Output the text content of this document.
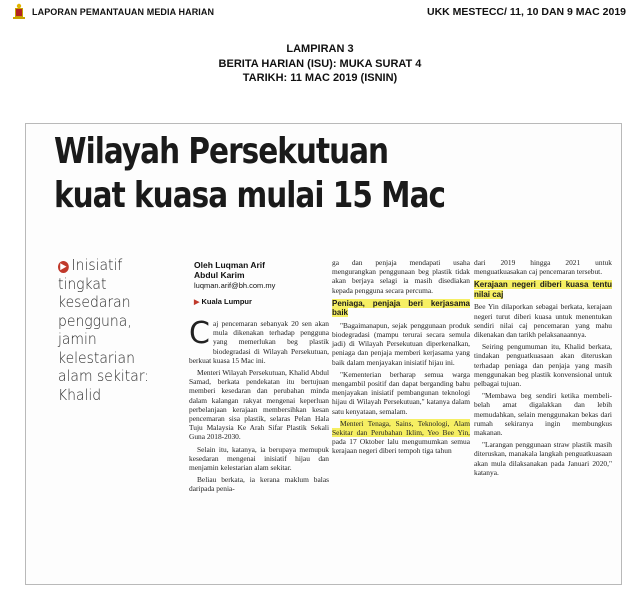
LAPORAN PEMANTAUAN MEDIA HARIAN	UKK MESTECC/ 11, 10 DAN 9 MAC 2019
LAMPIRAN 3
BERITA HARIAN (ISU): MUKA SURAT 4
TARIKH: 11 MAC 2019 (ISNIN)
Wilayah Persekutuan
kuat kuasa mulai 15 Mac
▶ Inisiatif tingkat kesedaran pengguna, jamin kelestarian alam sekitar: Khalid
Oleh Luqman Arif
Abdul Karim
luqman.arif@bh.com.my
▶ Kuala Lumpur
C aj pencemaran sebanyak 20 sen akan mula dikenakan terhadap pengguna yang memerlukan beg plastik biodegradasi di Wilayah Persekutuan, berkuat kuasa 15 Mac ini.

Menteri Wilayah Persekutuan, Khalid Abdul Samad, berkata pendekatan itu bertujuan memberi kesedaran dan perubahan minda dalam kalangan rakyat mengenai keperluan perbelanjaan kerajaan membersihkan kesan pencemaran sisa plastik, selaras Pelan Hala Tuju Malaysia Ke Arah Sifar Plastik Sekali Guna 2018-2030.

Selain itu, katanya, ia berupaya memupuk kesedaran mengenai inisiatif hijau dan menjamin kelestarian alam sekitar.

Beliau berkata, ia kerana maklum balas daripada penia-

ga dan penjaja mendapati usaha mengurangkan penggunaan beg plastik tidak akan berjaya selagi ia masih disediakan kepada pengguna secara percuma.

Peniaga, penjaja beri kerjasama baik

"Bagaimanapun, sejak penggunaan produk biodegradasi (mampu terurai secara semula jadi) di Wilayah Persekutuan diperkenalkan, peniaga dan penjaja memberi kerjasama yang baik dalam menjayakan inisiatif hijau ini.

"Kementerian berharap semua warga mengambil positif dan dapat berganding bahu menjayakan inisiatif pembangunan teknologi hijau di Wilayah Persekutuan," katanya dalam satu kenyataan, semalam.

Menteri Tenaga, Sains, Teknologi, Alam Sekitar dan Perubahan Iklim, Yeo Bee Yin, pada 17 Oktober lalu mengumumkan semua kerajaan negeri diberi tempoh tiga tahun

dari 2019 hingga 2021 untuk menguatkuasakan caj pencemaran tersebut.

Kerajaan negeri diberi kuasa tentu nilai caj

Bee Yin dilaporkan sebagai berkata, kerajaan negeri turut diberi kuasa untuk menentukan sendiri nilai caj pencemaran yang mahu dikenakan dan tarikh pelaksanaannya.

Seiring pengumuman itu, Khalid berkata, tindakan penguatkuasaan akan diteruskan terhadap peniaga dan penjaja yang masih menggunakan beg plastik konvensional untuk pelbagai tujuan.

"Membawa beg sendiri ketika membeli-belah amat digalakkan dan lebih memudahkan, selain menggunakan bekas dari rumah sekiranya ingin membungkus makanan.

"Larangan penggunaan straw plastik masih diteruskan, manakala langkah penguatkuasaan akan mula dilaksanakan pada Januari 2020," katanya.
